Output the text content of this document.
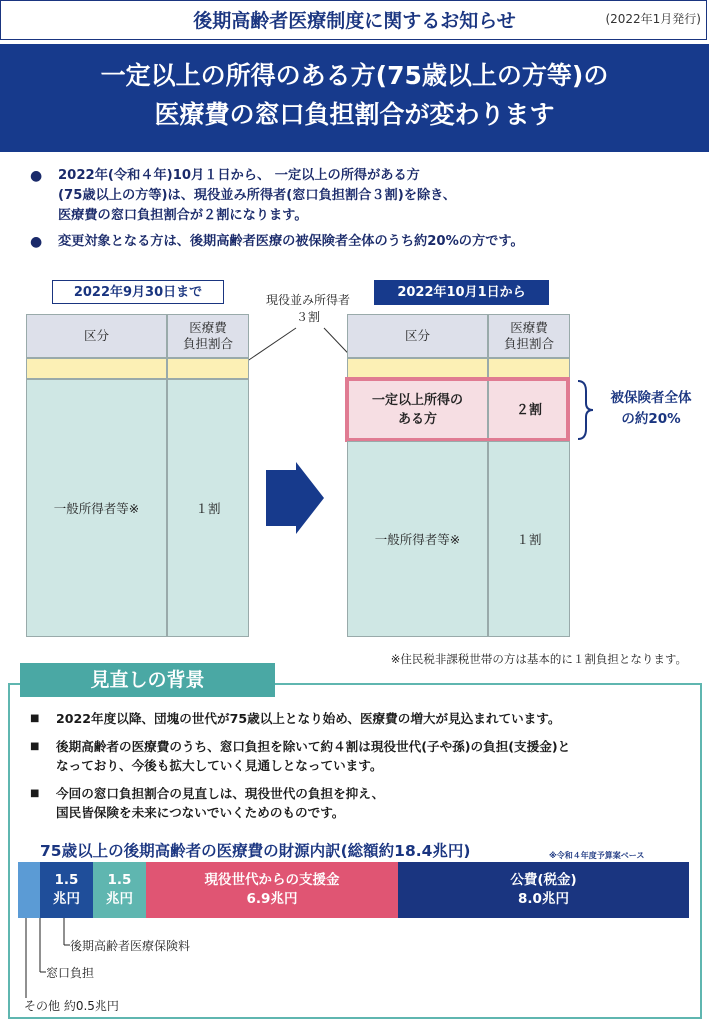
後期高齢者医療制度に関するお知らせ	(2022年1月発行)
一定以上の所得のある方(75歳以上の方等)の
医療費の窓口負担割合が変わります
●	2022年(令和４年)10月１日から、 一定以上の所得がある方
(75歳以上の方等)は、現役並み所得者(窓口負担割合３割)を除き、
医療費の窓口負担割合が２割になります。
●	変更対象となる方は、後期高齢者医療の被保険者全体のうち約20%の方です。
2022年9月30日まで	2022年10月1日から
現役並み所得者
３割
区分
医療費
負担割合
一般所得者等※	１割
区分
医療費
負担割合
一定以上所得の
ある方
２割
一般所得者等※	１割
被保険者全体
の約20%
※住民税非課税世帯の方は基本的に１割負担となります。
見直しの背景
■	2022年度以降、団塊の世代が75歳以上となり始め、医療費の増大が見込まれています。
■	後期高齢者の医療費のうち、窓口負担を除いて約４割は現役世代(子や孫)の負担(支援金)と
なっており、今後も拡大していく見通しとなっています。
■	今回の窓口負担割合の見直しは、現役世代の負担を抑え、
国民皆保険を未来につないでいくためのものです。
75歳以上の後期高齢者の医療費の財源内訳(総額約18.4兆円)	※令和４年度予算案ベース
1.5
兆円
1.5
兆円
現役世代からの支援金
6.9兆円
公費(税金)
8.0兆円
後期高齢者医療保険料
窓口負担
その他 約0.5兆円
